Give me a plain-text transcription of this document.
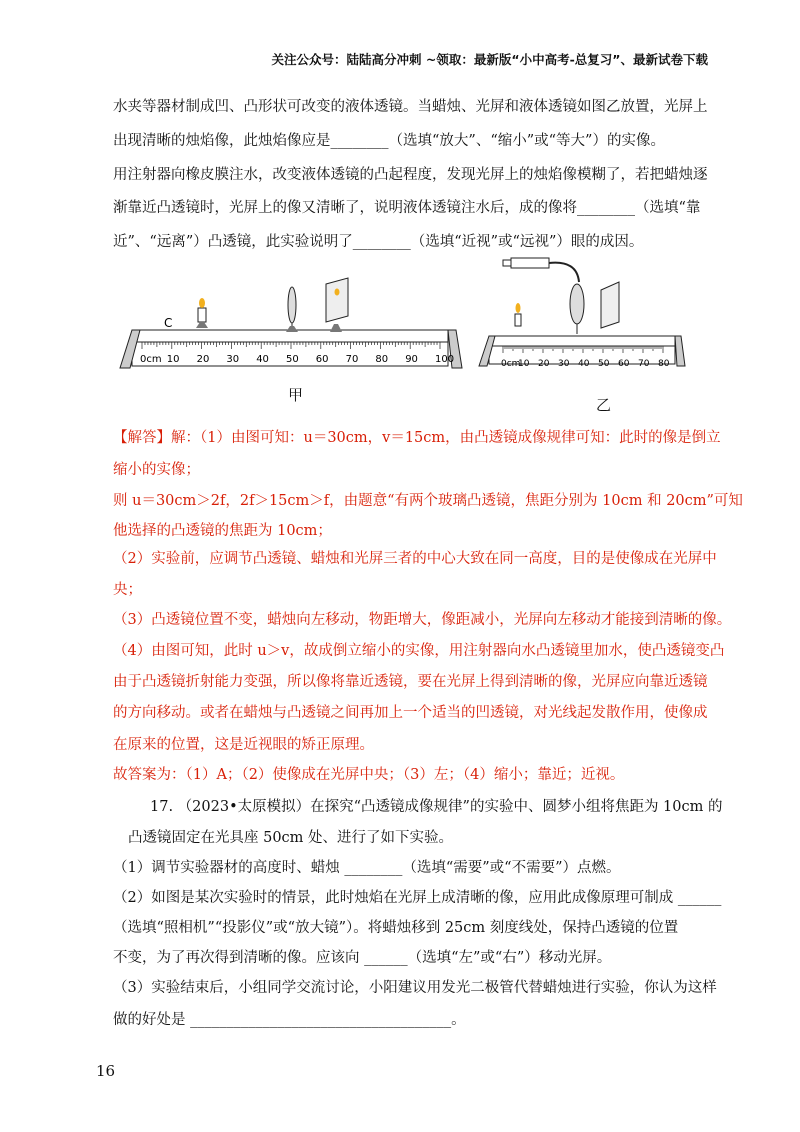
关注公众号：陆陆高分冲刺 ~领取：最新版“小中高考-总复习”、最新试卷下载
水夹等器材制成凹、凸形状可改变的液体透镜。当蜡烛、光屏和液体透镜如图乙放置，光屏上
出现清晰的烛焰像，此烛焰像应是________（选填“放大”、“缩小”或“等大”）的实像。
用注射器向橡皮膜注水，改变液体透镜的凸起程度，发现光屏上的烛焰像模糊了，若把蜡烛逐
渐靠近凸透镜时，光屏上的像又清晰了，说明液体透镜注水后，成的像将________（选填“靠
近”、“远离”）凸透镜，此实验说明了________（选填“近视”或“远视”）眼的成因。
C
0cm 10 20 30 40 50 60 70 80 90 100
甲
0cm
10 20 30 40 50 60 70 80
乙
【解答】解：（1）由图可知：u＝30cm，v＝15cm，由凸透镜成像规律可知：此时的像是倒立
缩小的实像；
则 u＝30cm＞2f，2f＞15cm＞f，由题意“有两个玻璃凸透镜，焦距分别为 10cm 和 20cm”可知
他选择的凸透镜的焦距为 10cm；
（2）实验前，应调节凸透镜、蜡烛和光屏三者的中心大致在同一高度，目的是使像成在光屏中
央；
（3）凸透镜位置不变，蜡烛向左移动，物距增大，像距减小，光屏向左移动才能接到清晰的像。
（4）由图可知，此时 u＞v，故成倒立缩小的实像，用注射器向水凸透镜里加水，使凸透镜变凸
由于凸透镜折射能力变强，所以像将靠近透镜，要在光屏上得到清晰的像，光屏应向靠近透镜
的方向移动。或者在蜡烛与凸透镜之间再加上一个适当的凹透镜，对光线起发散作用，使像成
在原来的位置，这是近视眼的矫正原理。
故答案为：（1）A；（2）使像成在光屏中央；（3）左；（4）缩小；靠近；近视。
17. （2023•太原模拟）在探究“凸透镜成像规律”的实验中、圆梦小组将焦距为 10cm 的
凸透镜固定在光具座 50cm 处、进行了如下实验。
（1）调节实验器材的高度时、蜡烛 ________（选填“需要”或“不需要”）点燃。
（2）如图是某次实验时的情景，此时烛焰在光屏上成清晰的像，应用此成像原理可制成 ______
（选填“照相机”“投影仪”或“放大镜”）。将蜡烛移到 25cm 刻度线处，保持凸透镜的位置
不变，为了再次得到清晰的像。应该向 ______（选填“左”或“右”）移动光屏。
（3）实验结束后，小组同学交流讨论，小阳建议用发光二极管代替蜡烛进行实验，你认为这样
做的好处是 ____________________________________。
16
